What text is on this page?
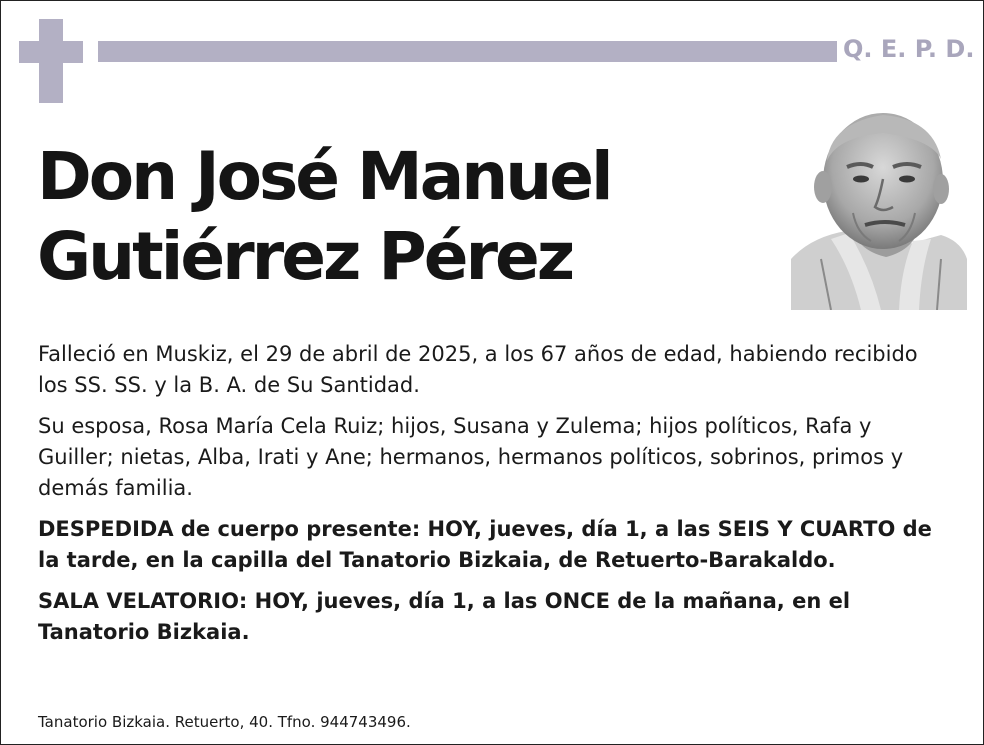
Q. E. P. D.
Don José Manuel
Gutiérrez Pérez

Falleció en Muskiz, el 29 de abril de 2025, a los 67 años de edad, habiendo recibido los SS. SS. y la B. A. de Su Santidad.

Su esposa, Rosa María Cela Ruiz; hijos, Susana y Zulema; hijos políticos, Rafa y Guiller; nietas, Alba, Irati y Ane; hermanos, hermanos políticos, sobrinos, primos y demás familia.

DESPEDIDA de cuerpo presente: HOY, jueves, día 1, a las SEIS Y CUARTO de la tarde, en la capilla del Tanatorio Bizkaia, de Retuerto-Barakaldo.

SALA VELATORIO: HOY, jueves, día 1, a las ONCE de la mañana, en el Tanatorio Bizkaia.

Tanatorio Bizkaia. Retuerto, 40. Tfno. 944743496.
